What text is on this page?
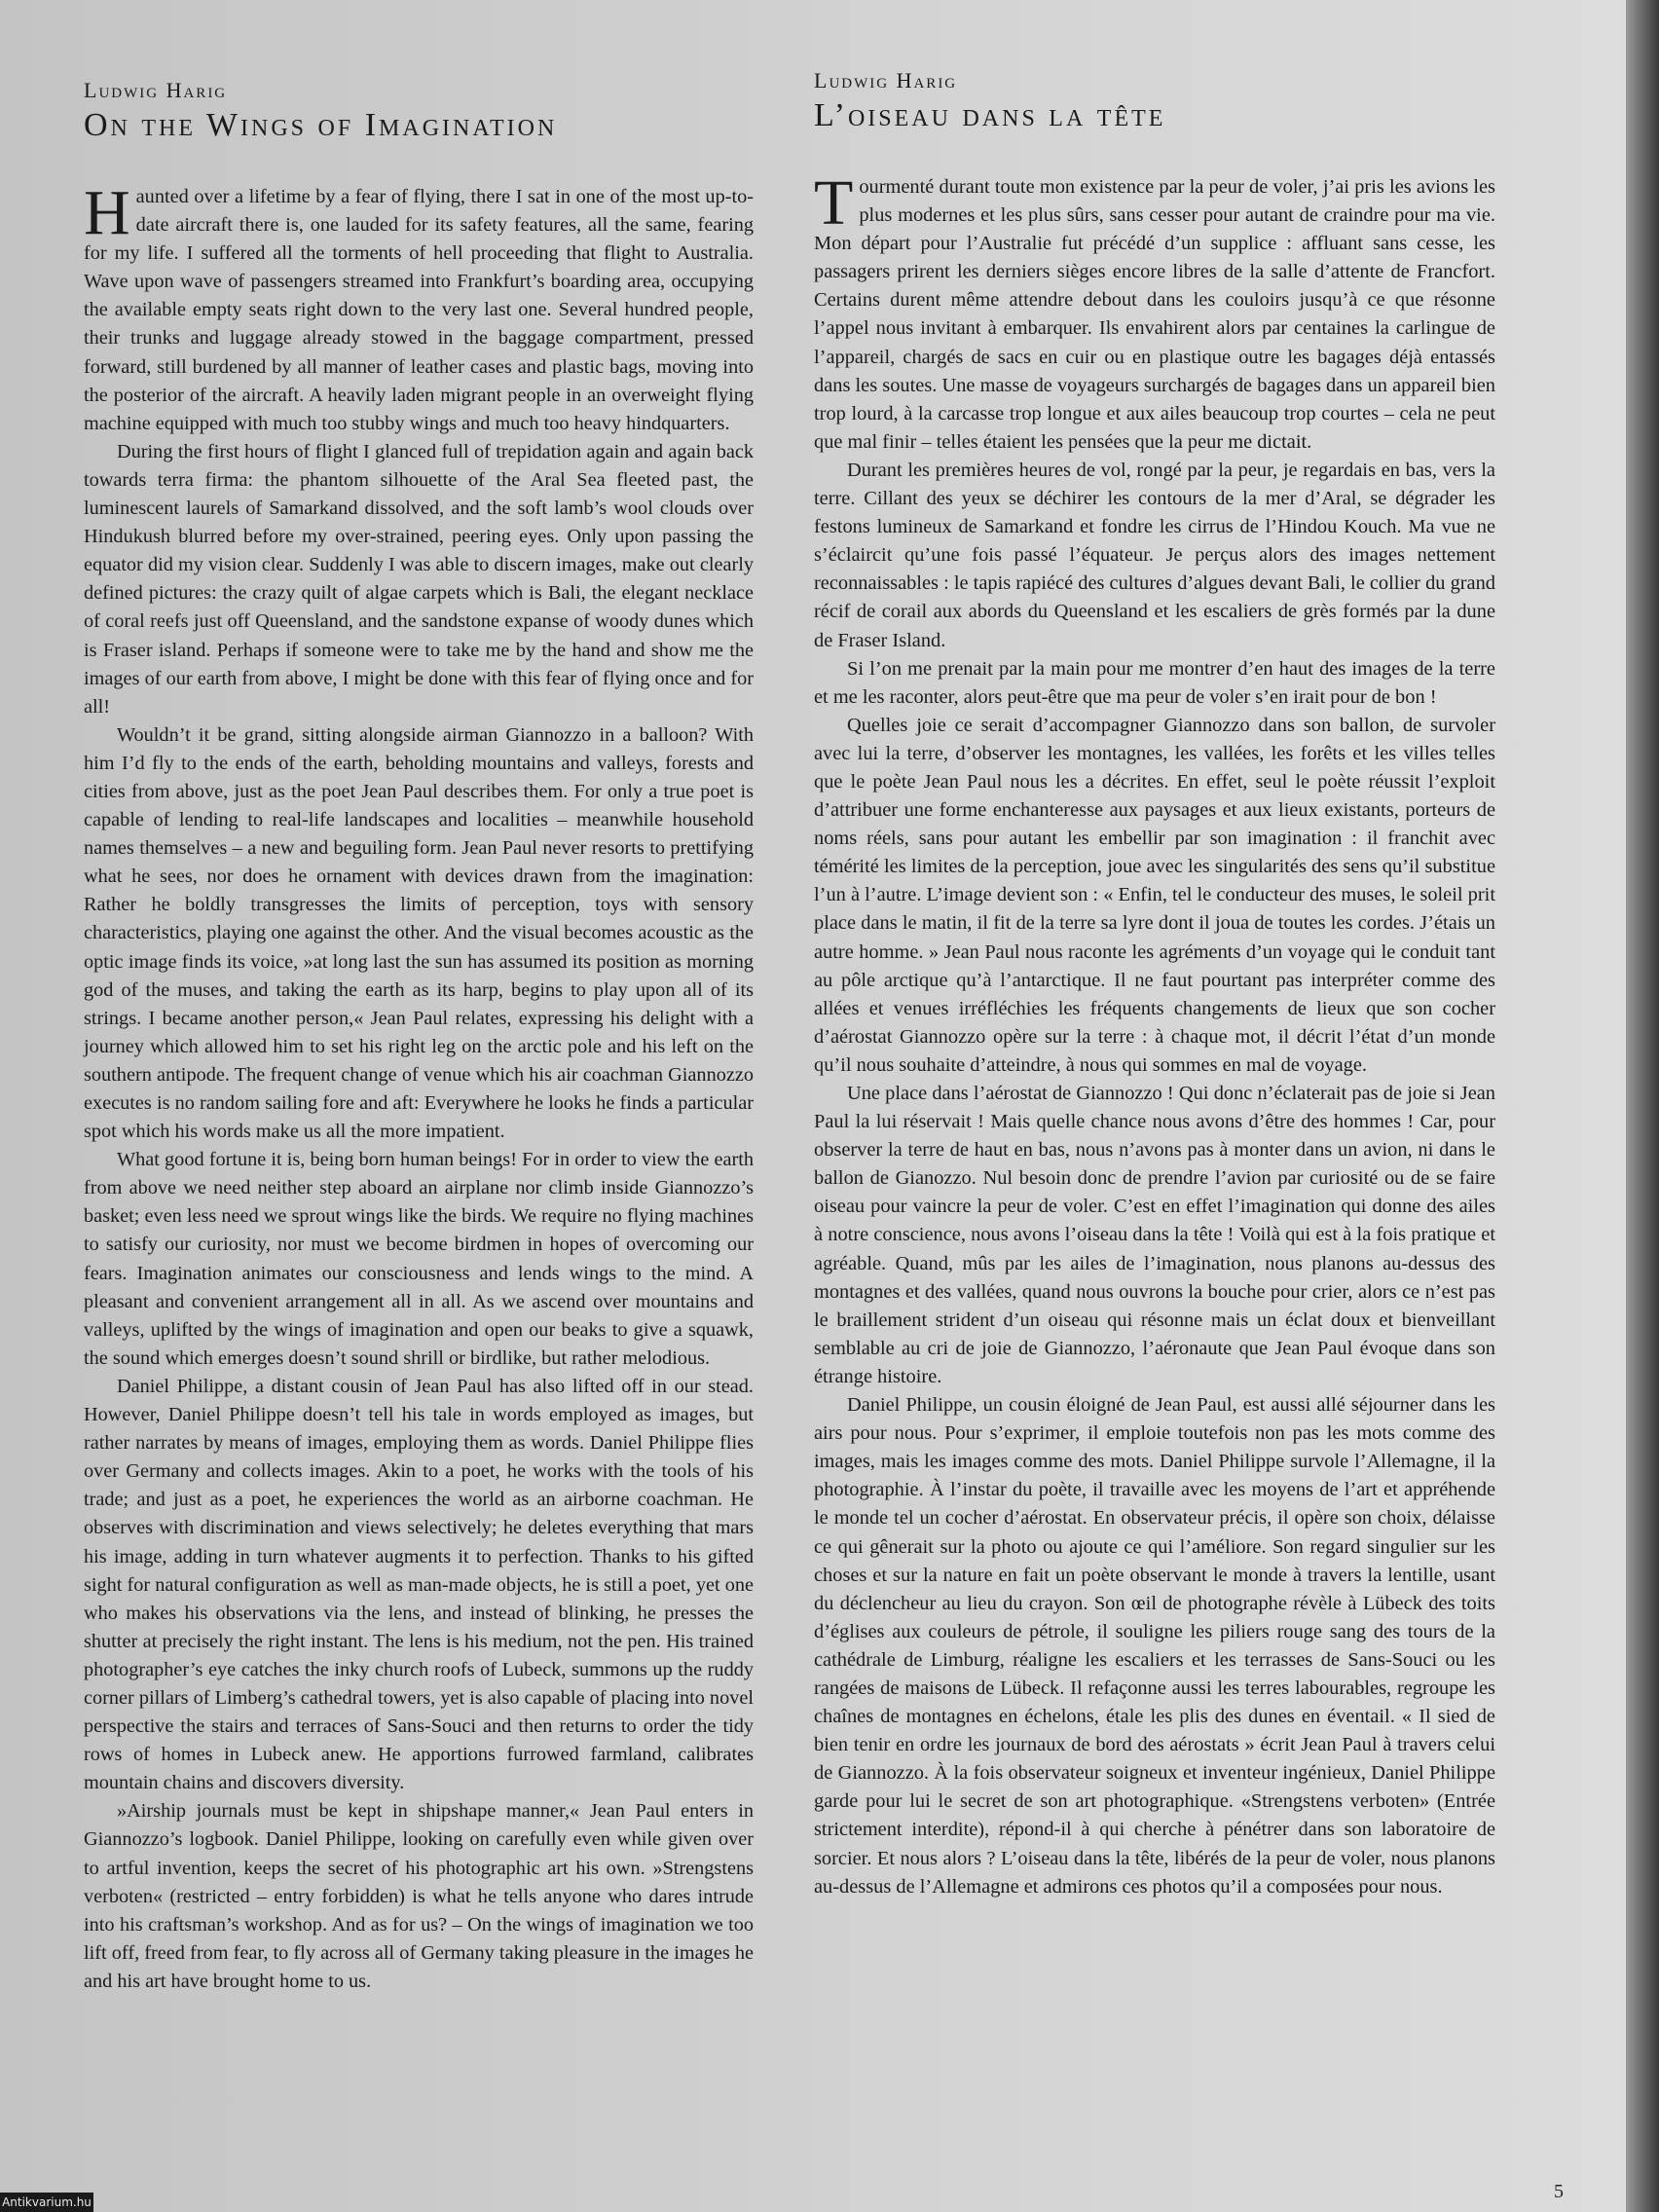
Ludwig Harig
On the Wings of Imagination

Haunted over a lifetime by a fear of flying, there I sat in one of the most up-to-date aircraft there is, one lauded for its safety features, all the same, fearing for my life. I suffered all the torments of hell proceeding that flight to Australia. Wave upon wave of passengers streamed into Frankfurt’s boarding area, occupying the available empty seats right down to the very last one. Several hundred people, their trunks and luggage already stowed in the baggage compartment, pressed forward, still burdened by all manner of leather cases and plastic bags, moving into the posterior of the aircraft. A heavily laden migrant people in an overweight flying machine equipped with much too stubby wings and much too heavy hindquarters.

During the first hours of flight I glanced full of trepidation again and again back towards terra firma: the phantom silhouette of the Aral Sea fleeted past, the luminescent laurels of Samarkand dissolved, and the soft lamb’s wool clouds over Hindukush blurred before my over-strained, peering eyes. Only upon passing the equator did my vision clear. Suddenly I was able to discern images, make out clearly defined pictures: the crazy quilt of algae carpets which is Bali, the elegant necklace of coral reefs just off Queensland, and the sandstone expanse of woody dunes which is Fraser island. Perhaps if someone were to take me by the hand and show me the images of our earth from above, I might be done with this fear of flying once and for all!

Wouldn’t it be grand, sitting alongside airman Giannozzo in a balloon? With him I’d fly to the ends of the earth, beholding mountains and valleys, forests and cities from above, just as the poet Jean Paul describes them. For only a true poet is capable of lending to real-life landscapes and localities – meanwhile household names themselves – a new and beguiling form. Jean Paul never resorts to prettifying what he sees, nor does he ornament with devices drawn from the imagination: Rather he boldly transgresses the limits of perception, toys with sensory characteristics, playing one against the other. And the visual becomes acoustic as the optic image finds its voice, »at long last the sun has assumed its position as morning god of the muses, and taking the earth as its harp, begins to play upon all of its strings. I became another person,« Jean Paul relates, expressing his delight with a journey which allowed him to set his right leg on the arctic pole and his left on the southern antipode. The frequent change of venue which his air coachman Giannozzo executes is no random sailing fore and aft: Everywhere he looks he finds a particular spot which his words make us all the more impatient.

What good fortune it is, being born human beings! For in order to view the earth from above we need neither step aboard an airplane nor climb inside Giannozzo’s basket; even less need we sprout wings like the birds. We require no flying machines to satisfy our curiosity, nor must we become birdmen in hopes of overcoming our fears. Imagination animates our consciousness and lends wings to the mind. A pleasant and convenient arrangement all in all. As we ascend over mountains and valleys, uplifted by the wings of imagination and open our beaks to give a squawk, the sound which emerges doesn’t sound shrill or birdlike, but rather melodious.

Daniel Philippe, a distant cousin of Jean Paul has also lifted off in our stead. However, Daniel Philippe doesn’t tell his tale in words employed as images, but rather narrates by means of images, employing them as words. Daniel Philippe flies over Germany and collects images. Akin to a poet, he works with the tools of his trade; and just as a poet, he experiences the world as an airborne coachman. He observes with discrimination and views selectively; he deletes everything that mars his image, adding in turn whatever augments it to perfection. Thanks to his gifted sight for natural configuration as well as man-made objects, he is still a poet, yet one who makes his observations via the lens, and instead of blinking, he presses the shutter at precisely the right instant. The lens is his medium, not the pen. His trained photographer’s eye catches the inky church roofs of Lubeck, summons up the ruddy corner pillars of Limberg’s cathedral towers, yet is also capable of placing into novel perspective the stairs and terraces of Sans-Souci and then returns to order the tidy rows of homes in Lubeck anew. He apportions furrowed farmland, calibrates mountain chains and discovers diversity.

»Airship journals must be kept in shipshape manner,« Jean Paul enters in Giannozzo’s logbook. Daniel Philippe, looking on carefully even while given over to artful invention, keeps the secret of his photographic art his own. »Strengstens verboten« (restricted – entry forbidden) is what he tells anyone who dares intrude into his craftsman’s workshop. And as for us? – On the wings of imagination we too lift off, freed from fear, to fly across all of Germany taking pleasure in the images he and his art have brought home to us.

Ludwig Harig
L’oiseau dans la tête

Tourmenté durant toute mon existence par la peur de voler, j’ai pris les avions les plus modernes et les plus sûrs, sans cesser pour autant de craindre pour ma vie. Mon départ pour l’Australie fut précédé d’un supplice : affluant sans cesse, les passagers prirent les derniers sièges encore libres de la salle d’attente de Francfort. Certains durent même attendre debout dans les couloirs jusqu’à ce que résonne l’appel nous invitant à embarquer. Ils envahirent alors par centaines la carlingue de l’appareil, chargés de sacs en cuir ou en plastique outre les bagages déjà entassés dans les soutes. Une masse de voyageurs surchargés de bagages dans un appareil bien trop lourd, à la carcasse trop longue et aux ailes beaucoup trop courtes – cela ne peut que mal finir – telles étaient les pensées que la peur me dictait.

Durant les premières heures de vol, rongé par la peur, je regardais en bas, vers la terre. Cillant des yeux se déchirer les contours de la mer d’Aral, se dégrader les festons lumineux de Samarkand et fondre les cirrus de l’Hindou Kouch. Ma vue ne s’éclaircit qu’une fois passé l’équateur. Je perçus alors des images nettement reconnaissables : le tapis rapiécé des cultures d’algues devant Bali, le collier du grand récif de corail aux abords du Queensland et les escaliers de grès formés par la dune de Fraser Island.

Si l’on me prenait par la main pour me montrer d’en haut des images de la terre et me les raconter, alors peut-être que ma peur de voler s’en irait pour de bon !

Quelles joie ce serait d’accompagner Giannozzo dans son ballon, de survoler avec lui la terre, d’observer les montagnes, les vallées, les forêts et les villes telles que le poète Jean Paul nous les a décrites. En effet, seul le poète réussit l’exploit d’attribuer une forme enchanteresse aux paysages et aux lieux existants, porteurs de noms réels, sans pour autant les embellir par son imagination : il franchit avec témérité les limites de la perception, joue avec les singularités des sens qu’il substitue l’un à l’autre. L’image devient son : « Enfin, tel le conducteur des muses, le soleil prit place dans le matin, il fit de la terre sa lyre dont il joua de toutes les cordes. J’étais un autre homme. » Jean Paul nous raconte les agréments d’un voyage qui le conduit tant au pôle arctique qu’à l’antarctique. Il ne faut pourtant pas interpréter comme des allées et venues irréfléchies les fréquents changements de lieux que son cocher d’aérostat Giannozzo opère sur la terre : à chaque mot, il décrit l’état d’un monde qu’il nous souhaite d’atteindre, à nous qui sommes en mal de voyage.

Une place dans l’aérostat de Giannozzo ! Qui donc n’éclaterait pas de joie si Jean Paul la lui réservait ! Mais quelle chance nous avons d’être des hommes ! Car, pour observer la terre de haut en bas, nous n’avons pas à monter dans un avion, ni dans le ballon de Gianozzo. Nul besoin donc de prendre l’avion par curiosité ou de se faire oiseau pour vaincre la peur de voler. C’est en effet l’imagination qui donne des ailes à notre conscience, nous avons l’oiseau dans la tête ! Voilà qui est à la fois pratique et agréable. Quand, mûs par les ailes de l’imagination, nous planons au-dessus des montagnes et des vallées, quand nous ouvrons la bouche pour crier, alors ce n’est pas le braillement strident d’un oiseau qui résonne mais un éclat doux et bienveillant semblable au cri de joie de Giannozzo, l’aéronaute que Jean Paul évoque dans son étrange histoire.

Daniel Philippe, un cousin éloigné de Jean Paul, est aussi allé séjourner dans les airs pour nous. Pour s’exprimer, il emploie toutefois non pas les mots comme des images, mais les images comme des mots. Daniel Philippe survole l’Allemagne, il la photographie. À l’instar du poète, il travaille avec les moyens de l’art et appréhende le monde tel un cocher d’aérostat. En observateur précis, il opère son choix, délaisse ce qui gênerait sur la photo ou ajoute ce qui l’améliore. Son regard singulier sur les choses et sur la nature en fait un poète observant le monde à travers la lentille, usant du déclencheur au lieu du crayon. Son œil de photographe révèle à Lübeck des toits d’églises aux couleurs de pétrole, il souligne les piliers rouge sang des tours de la cathédrale de Limburg, réaligne les escaliers et les terrasses de Sans-Souci ou les rangées de maisons de Lübeck. Il refaçonne aussi les terres labourables, regroupe les chaînes de montagnes en échelons, étale les plis des dunes en éventail. « Il sied de bien tenir en ordre les journaux de bord des aérostats » écrit Jean Paul à travers celui de Giannozzo. À la fois observateur soigneux et inventeur ingénieux, Daniel Philippe garde pour lui le secret de son art photographique. «Strengstens verboten» (Entrée strictement interdite), répond-il à qui cherche à pénétrer dans son laboratoire de sorcier. Et nous alors ? L’oiseau dans la tête, libérés de la peur de voler, nous planons au-dessus de l’Allemagne et admirons ces photos qu’il a composées pour nous.

5
Antikvarium.hu
